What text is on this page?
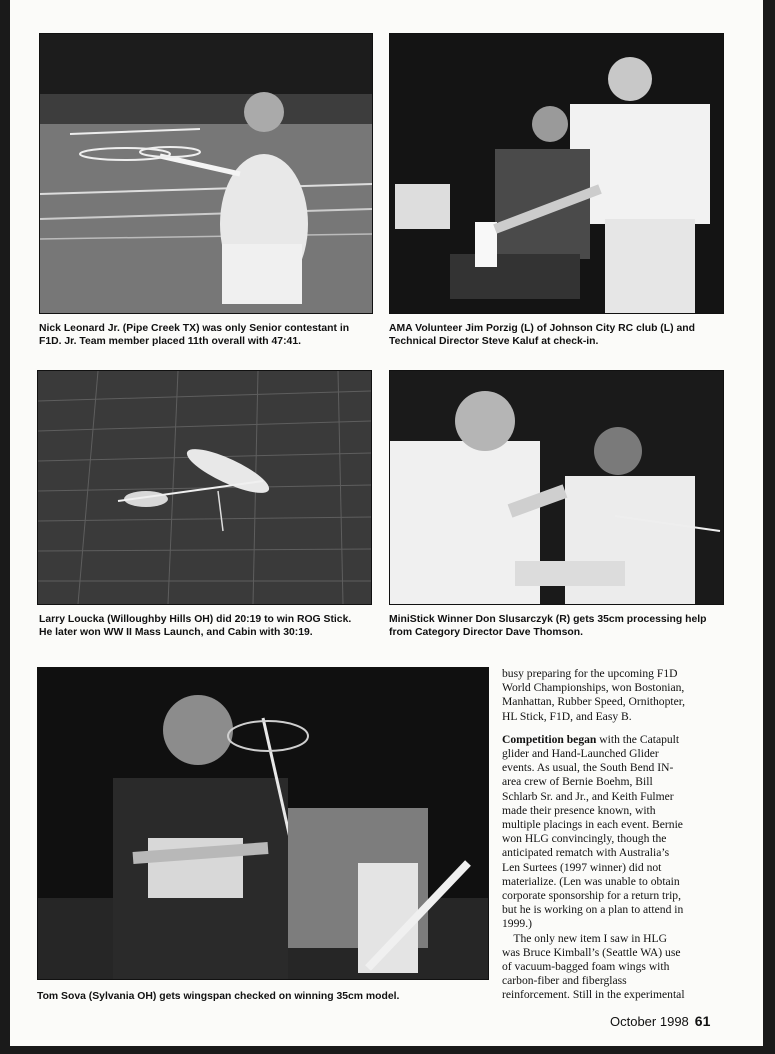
Nick Leonard Jr. (Pipe Creek TX) was only Senior contestant in
F1D. Jr. Team member placed 11th overall with 47:41.
AMA Volunteer Jim Porzig (L) of Johnson City RC club (L) and
Technical Director Steve Kaluf at check-in.
Larry Loucka (Willoughby Hills OH) did 20:19 to win ROG Stick.
He later won WW II Mass Launch, and Cabin with 30:19.
MiniStick Winner Don Slusarczyk (R) gets 35cm processing help
from Category Director Dave Thomson.
Tom Sova (Sylvania OH) gets wingspan checked on winning 35cm model.
busy preparing for the upcoming F1D
World Championships, won Bostonian,
Manhattan, Rubber Speed, Ornithopter,
HL Stick, F1D, and Easy B.
Competition began with the Catapult
glider and Hand-Launched Glider
events. As usual, the South Bend IN-
area crew of Bernie Boehm, Bill
Schlarb Sr. and Jr., and Keith Fulmer
made their presence known, with
multiple placings in each event. Bernie
won HLG convincingly, though the
anticipated rematch with Australia’s
Len Surtees (1997 winner) did not
materialize. (Len was unable to obtain
corporate sponsorship for a return trip,
but he is working on a plan to attend in
1999.)
The only new item I saw in HLG
was Bruce Kimball’s (Seattle WA) use
of vacuum-bagged foam wings with
carbon-fiber and fiberglass
reinforcement. Still in the experimental
October 1998 61
